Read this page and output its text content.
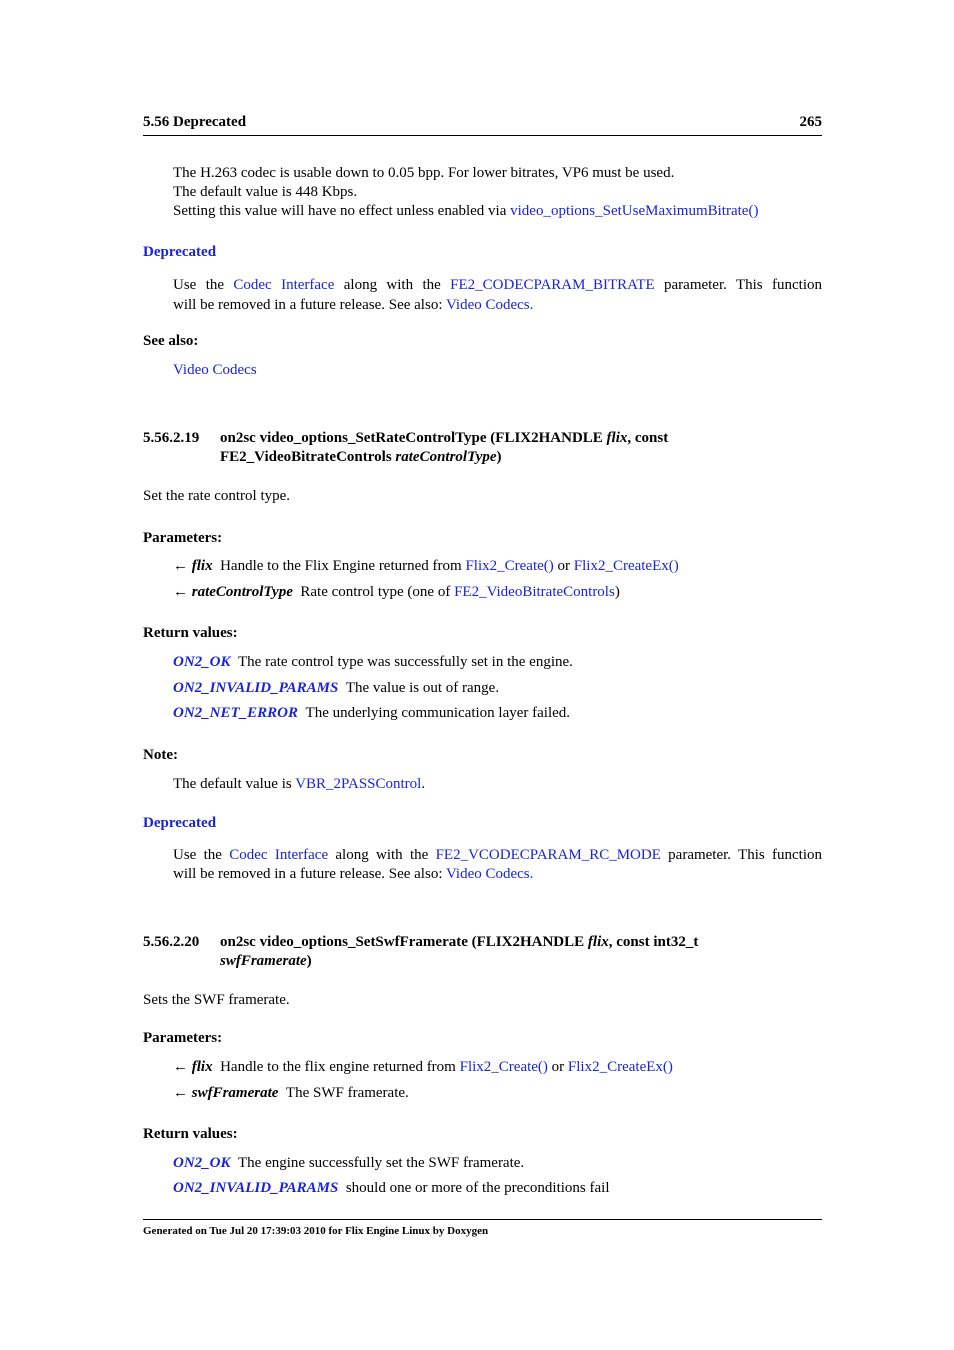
5.56 Deprecated	265
The H.263 codec is usable down to 0.05 bpp. For lower bitrates, VP6 must be used.
The default value is 448 Kbps.
Setting this value will have no effect unless enabled via video_options_SetUseMaximumBitrate()
Deprecated
Use the Codec Interface along with the FE2_CODECPARAM_BITRATE parameter. This function
will be removed in a future release. See also: Video Codecs.
See also:
Video Codecs
5.56.2.19 on2sc video_options_SetRateControlType (FLIX2HANDLE flix, const
FE2_VideoBitrateControls rateControlType)
Set the rate control type.
Parameters:
← flix Handle to the Flix Engine returned from Flix2_Create() or Flix2_CreateEx()
← rateControlType Rate control type (one of FE2_VideoBitrateControls)
Return values:
ON2_OK The rate control type was successfully set in the engine.
ON2_INVALID_PARAMS The value is out of range.
ON2_NET_ERROR The underlying communication layer failed.
Note:
The default value is VBR_2PASSControl.
Deprecated
Use the Codec Interface along with the FE2_VCODECPARAM_RC_MODE parameter. This function
will be removed in a future release. See also: Video Codecs.
5.56.2.20 on2sc video_options_SetSwfFramerate (FLIX2HANDLE flix, const int32_t
swfFramerate)
Sets the SWF framerate.
Parameters:
← flix Handle to the flix engine returned from Flix2_Create() or Flix2_CreateEx()
← swfFramerate The SWF framerate.
Return values:
ON2_OK The engine successfully set the SWF framerate.
ON2_INVALID_PARAMS should one or more of the preconditions fail
Generated on Tue Jul 20 17:39:03 2010 for Flix Engine Linux by Doxygen
